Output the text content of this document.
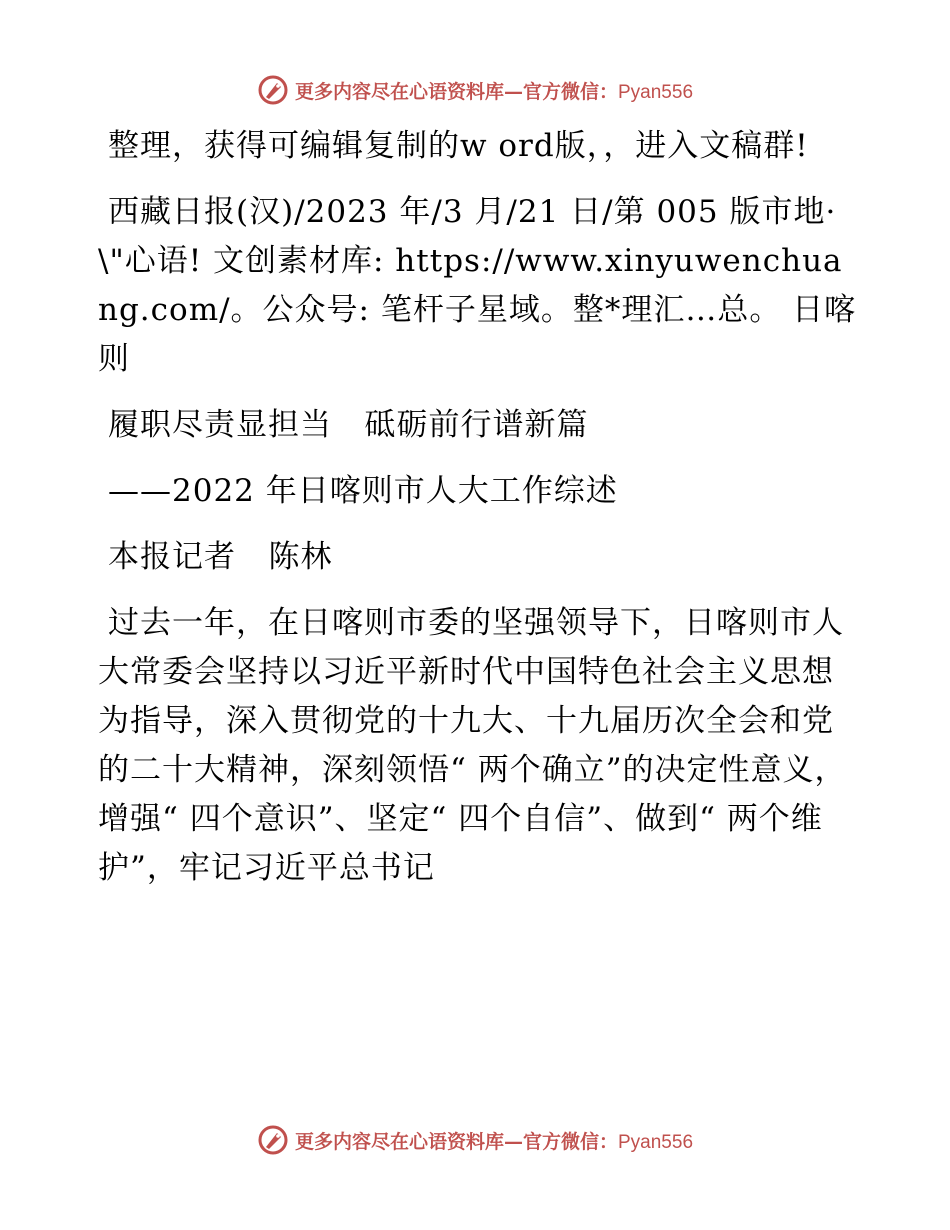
更多内容尽在心语资料库—官方微信：Pyan556

整理，获得可编辑复制的w ord版，，进入文稿群!

西藏日报(汉)/2023 年/3 月/21 日/第 005 版市地·\"心语! 文创素材库: https://www.xinyuwenchuang.com/。公众号: 笔杆子星域。整*理汇…总。 日喀则

履职尽责显担当   砥砺前行谱新篇

——2022 年日喀则市人大工作综述

本报记者   陈林

过去一年，在日喀则市委的坚强领导下，日喀则市人大常委会坚持以习近平新时代中国特色社会主义思想为指导，深入贯彻党的十九大、十九届历次全会和党的二十大精神，深刻领悟“ 两个确立”的决定性意义，增强“ 四个意识”、坚定“ 四个自信”、做到“ 两个维护”，牢记习近平总书记

更多内容尽在心语资料库—官方微信：Pyan556
